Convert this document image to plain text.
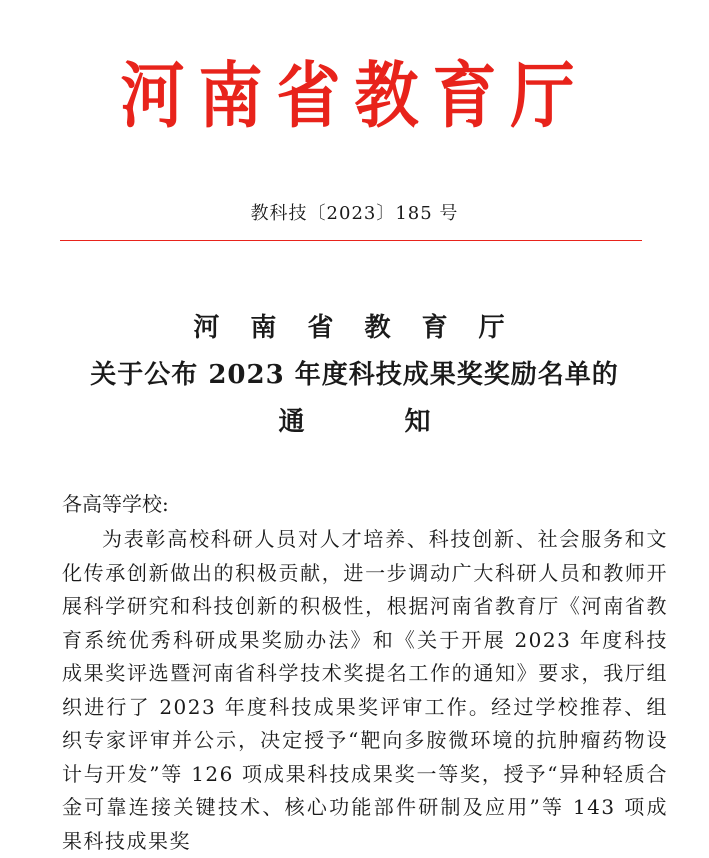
河南省教育厅
教科技〔2023〕185 号
河 南 省 教 育 厅
关于公布 2023 年度科技成果奖奖励名单的
通	知
各高等学校:
为表彰高校科研人员对人才培养、科技创新、社会服务和文化传承创新做出的积极贡献，进一步调动广大科研人员和教师开展科学研究和科技创新的积极性，根据河南省教育厅《河南省教育系统优秀科研成果奖励办法》和《关于开展 2023 年度科技成果奖评选暨河南省科学技术奖提名工作的通知》要求，我厅组织进行了 2023 年度科技成果奖评审工作。经过学校推荐、组织专家评审并公示，决定授予“靶向多胺微环境的抗肿瘤药物设计与开发”等 126 项成果科技成果奖一等奖，授予“异种轻质合金可靠连接关键技术、核心功能部件研制及应用”等 143 项成果科技成果奖
